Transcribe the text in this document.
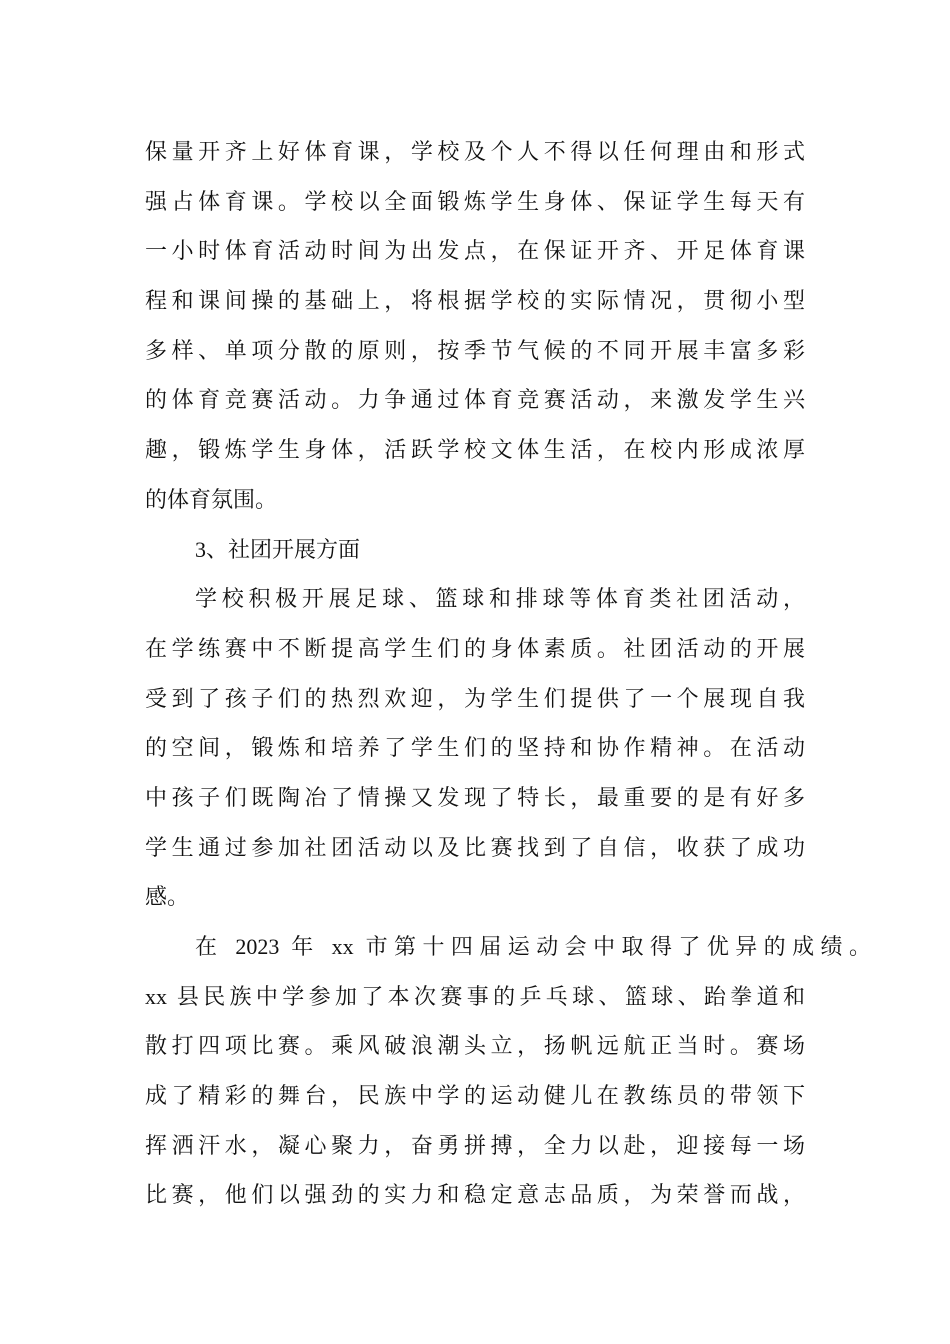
保量开齐上好体育课，学校及个人不得以任何理由和形式
强占体育课。学校以全面锻炼学生身体、保证学生每天有
一小时体育活动时间为出发点，在保证开齐、开足体育课
程和课间操的基础上，将根据学校的实际情况，贯彻小型
多样、单项分散的原则，按季节气候的不同开展丰富多彩
的体育竞赛活动。力争通过体育竞赛活动，来激发学生兴
趣，锻炼学生身体，活跃学校文体生活，在校内形成浓厚
的体育氛围。
3、社团开展方面
学校积极开展足球、篮球和排球等体育类社团活动，
在学练赛中不断提高学生们的身体素质。社团活动的开展
受到了孩子们的热烈欢迎，为学生们提供了一个展现自我
的空间，锻炼和培养了学生们的坚持和协作精神。在活动
中孩子们既陶冶了情操又发现了特长，最重要的是有好多
学生通过参加社团活动以及比赛找到了自信，收获了成功
感。
在 2023 年 xx 市第十四届运动会中取得了优异的成绩。
xx 县民族中学参加了本次赛事的乒乓球、篮球、跆拳道和
散打四项比赛。乘风破浪潮头立，扬帆远航正当时。赛场
成了精彩的舞台，民族中学的运动健儿在教练员的带领下
挥洒汗水，凝心聚力，奋勇拼搏，全力以赴，迎接每一场
比赛，他们以强劲的实力和稳定意志品质，为荣誉而战，
